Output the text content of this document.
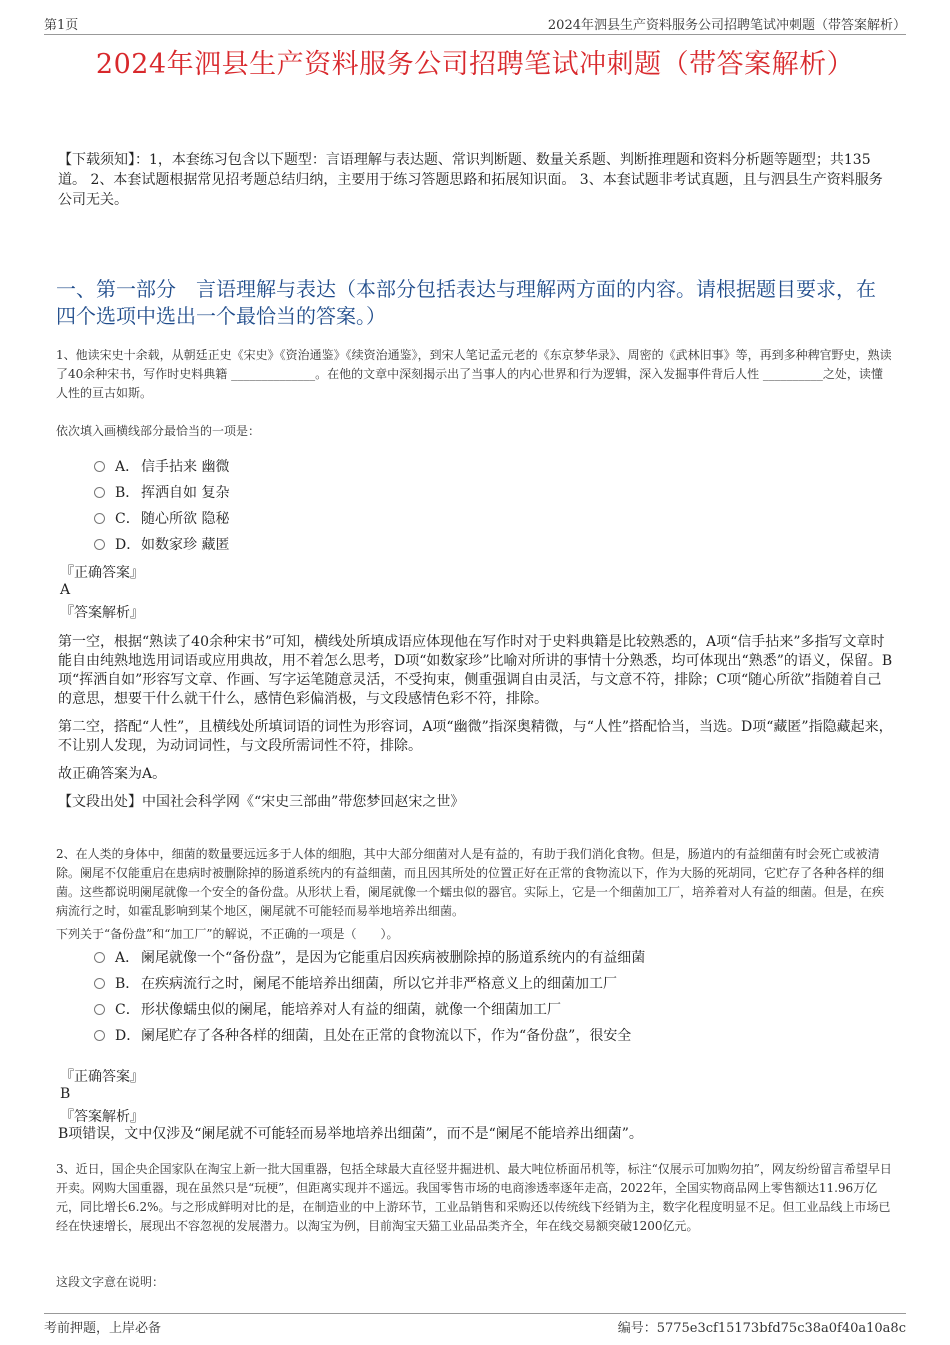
第1页	2024年泗县生产资料服务公司招聘笔试冲刺题（带答案解析）
2024年泗县生产资料服务公司招聘笔试冲刺题（带答案解析）
【下载须知】：1，本套练习包含以下题型：言语理解与表达题、常识判断题、数量关系题、判断推理题和资料分析题等题型；共135道。 2、本套试题根据常见招考题总结归纳，主要用于练习答题思路和拓展知识面。 3、本套试题非考试真题，且与泗县生产资料服务公司无关。
一、第一部分　言语理解与表达（本部分包括表达与理解两方面的内容。请根据题目要求，在四个选项中选出一个最恰当的答案。）
1、他读宋史十余载，从朝廷正史《宋史》《资治通鉴》《续资治通鉴》，到宋人笔记孟元老的《东京梦华录》、周密的《武林旧事》等，再到多种稗官野史，熟读了40余种宋书，写作时史料典籍 ______________。在他的文章中深刻揭示出了当事人的内心世界和行为逻辑，深入发掘事件背后人性 __________之处，读懂人性的亘古如斯。
依次填入画横线部分最恰当的一项是：
A． 信手拈来 幽微
B． 挥洒自如 复杂
C． 随心所欲 隐秘
D． 如数家珍 藏匿
『正确答案』
A
『答案解析』

第一空，根据“熟读了40余种宋书”可知，横线处所填成语应体现他在写作时对于史料典籍是比较熟悉的，A项“信手拈来”多指写文章时能自由纯熟地选用词语或应用典故，用不着怎么思考，D项“如数家珍”比喻对所讲的事情十分熟悉，均可体现出“熟悉”的语义，保留。B项“挥洒自如”形容写文章、作画、写字运笔随意灵活，不受拘束，侧重强调自由灵活，与文意不符，排除；C项“随心所欲”指随着自己的意思，想要干什么就干什么，感情色彩偏消极，与文段感情色彩不符，排除。

第二空，搭配“人性”，且横线处所填词语的词性为形容词，A项“幽微”指深奥精微，与“人性”搭配恰当，当选。D项“藏匿”指隐藏起来，不让别人发现，为动词词性，与文段所需词性不符，排除。

故正确答案为A。

【文段出处】中国社会科学网《“宋史三部曲”带您梦回赵宋之世》

2、在人类的身体中，细菌的数量要远远多于人体的细胞，其中大部分细菌对人是有益的，有助于我们消化食物。但是，肠道内的有益细菌有时会死亡或被清除。阑尾不仅能重启在患病时被删除掉的肠道系统内的有益细菌，而且因其所处的位置正好在正常的食物流以下，作为大肠的死胡同，它贮存了各种各样的细菌。这些都说明阑尾就像一个安全的备份盘。从形状上看，阑尾就像一个蠕虫似的器官。实际上，它是一个细菌加工厂，培养着对人有益的细菌。但是，在疾病流行之时，如霍乱影响到某个地区，阑尾就不可能轻而易举地培养出细菌。
下列关于“备份盘”和“加工厂”的解说，不正确的一项是（　　）。
A． 阑尾就像一个“备份盘”，是因为它能重启因疾病被删除掉的肠道系统内的有益细菌
B． 在疾病流行之时，阑尾不能培养出细菌，所以它并非严格意义上的细菌加工厂
C． 形状像蠕虫似的阑尾，能培养对人有益的细菌，就像一个细菌加工厂
D． 阑尾贮存了各种各样的细菌，且处在正常的食物流以下，作为“备份盘”，很安全
『正确答案』
B
『答案解析』

B项错误，文中仅涉及“阑尾就不可能轻而易举地培养出细菌”，而不是“阑尾不能培养出细菌”。

3、近日，国企央企国家队在淘宝上新一批大国重器，包括全球最大直径竖井掘进机、最大吨位桥面吊机等，标注“仅展示可加购勿拍”，网友纷纷留言希望早日开卖。网购大国重器，现在虽然只是“玩梗”，但距离实现并不遥远。我国零售市场的电商渗透率逐年走高，2022年，全国实物商品网上零售额达11.96万亿元，同比增长6.2%。与之形成鲜明对比的是，在制造业的中上游环节，工业品销售和采购还以传统线下经销为主，数字化程度明显不足。但工业品线上市场已经在快速增长，展现出不容忽视的发展潜力。以淘宝为例，目前淘宝天猫工业品品类齐全，年在线交易额突破1200亿元。
这段文字意在说明：
考前押题，上岸必备	编号：5775e3cf15173bfd75c38a0f40a10a8c
